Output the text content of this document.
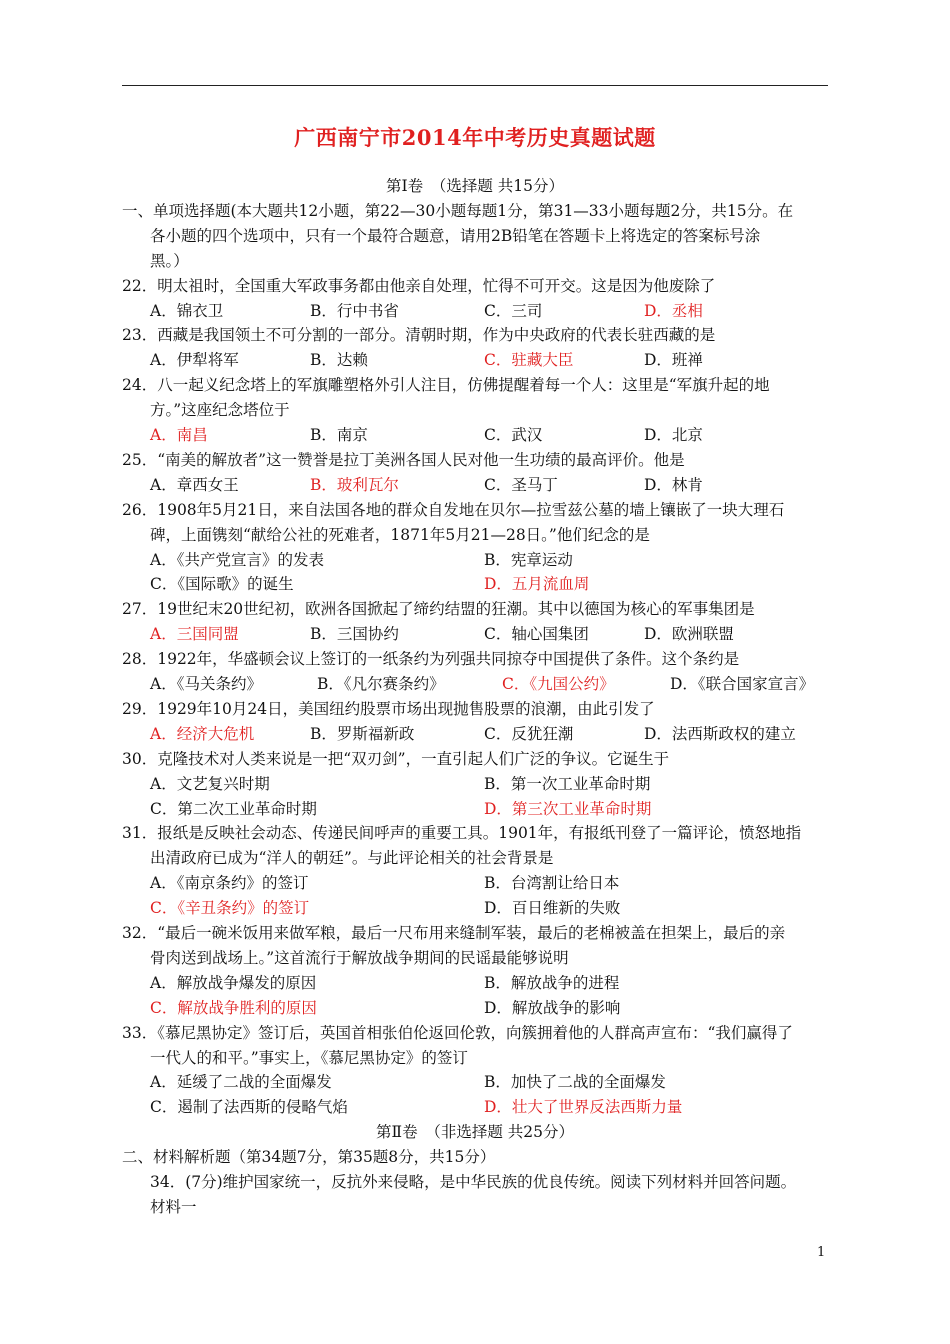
广西南宁市2014年中考历史真题试题
第Ⅰ卷　（选择题 共15分）
一、单项选择题(本大题共12小题，第22—30小题每题1分，第31—33小题每题2分，共15分。在
各小题的四个选项中，只有一个最符合题意，请用2B铅笔在答题卡上将选定的答案标号涂
黑。）
22．明太祖时，全国重大军政事务都由他亲自处理，忙得不可开交。这是因为他废除了
A．锦衣卫	B．行中书省	C．三司	D．丞相
23．西藏是我国领土不可分割的一部分。清朝时期，作为中央政府的代表长驻西藏的是
A．伊犁将军	B．达赖	C．驻藏大臣	D．班禅
24．八一起义纪念塔上的军旗雕塑格外引人注目，仿佛提醒着每一个人：这里是“军旗升起的地
方。”这座纪念塔位于
A．南昌	B．南京	C．武汉	D．北京
25．“南美的解放者”这一赞誉是拉丁美洲各国人民对他一生功绩的最高评价。他是
A．章西女王	B．玻利瓦尔	C．圣马丁	D．林肯
26．1908年5月21日，来自法国各地的群众自发地在贝尔—拉雪兹公墓的墙上镶嵌了一块大理石
碑，上面镌刻“献给公社的死难者，1871年5月21—28日。”他们纪念的是
A．《共产党宣言》的发表	B．宪章运动
C．《国际歌》的诞生	D．五月流血周
27．19世纪末20世纪初，欧洲各国掀起了缔约结盟的狂潮。其中以德国为核心的军事集团是
A．三国同盟	B．三国协约	C．轴心国集团	D．欧洲联盟
28．1922年，华盛顿会议上签订的一纸条约为列强共同掠夺中国提供了条件。这个条约是
A．《马关条约》	B．《凡尔赛条约》	C．《九国公约》	D．《联合国家宣言》
29．1929年10月24日，美国纽约股票市场出现抛售股票的浪潮，由此引发了
A．经济大危机	B．罗斯福新政	C．反犹狂潮	D．法西斯政权的建立
30．克隆技术对人类来说是一把“双刃剑”，一直引起人们广泛的争议。它诞生于
A．文艺复兴时期	B．第一次工业革命时期
C．第二次工业革命时期	D．第三次工业革命时期
31．报纸是反映社会动态、传递民间呼声的重要工具。1901年，有报纸刊登了一篇评论，愤怒地指
出清政府已成为“洋人的朝廷”。与此评论相关的社会背景是
A．《南京条约》的签订	B．台湾割让给日本
C．《辛丑条约》的签订	D．百日维新的失败
32．“最后一碗米饭用来做军粮，最后一尺布用来缝制军装，最后的老棉被盖在担架上，最后的亲
骨肉送到战场上。”这首流行于解放战争期间的民谣最能够说明
A．解放战争爆发的原因	B．解放战争的进程
C．解放战争胜利的原因	D．解放战争的影响
33．《慕尼黑协定》签订后，英国首相张伯伦返回伦敦，向簇拥着他的人群高声宣布：“我们赢得了
一代人的和平。”事实上，《慕尼黑协定》的签订
A．延缓了二战的全面爆发	B．加快了二战的全面爆发
C．遏制了法西斯的侵略气焰	D．壮大了世界反法西斯力量
第Ⅱ卷　（非选择题 共25分）
二、材料解析题（第34题7分，第35题8分，共15分）
34．(7分)维护国家统一，反抗外来侵略，是中华民族的优良传统。阅读下列材料并回答问题。
材料一
1
